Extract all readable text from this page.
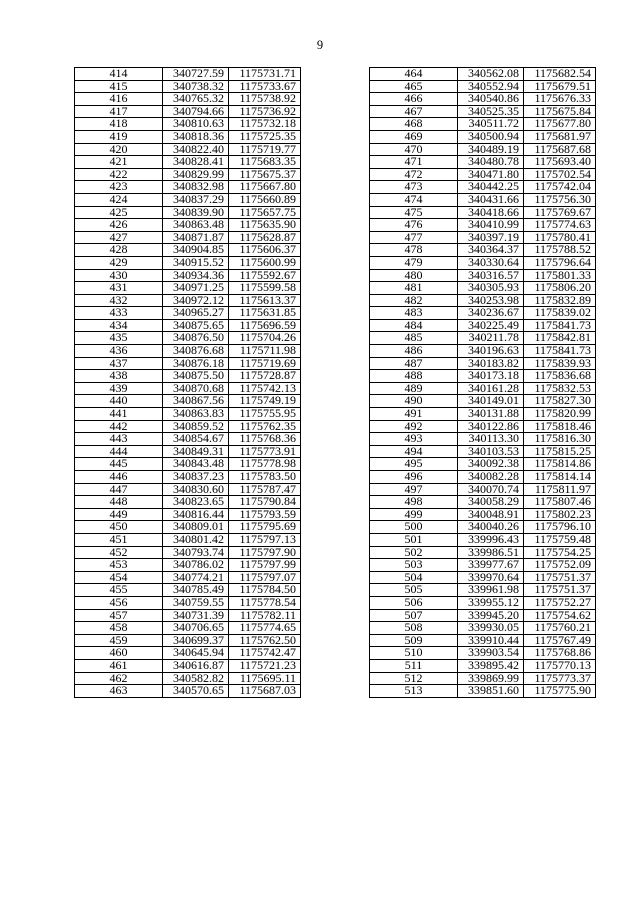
9
414	340727.59	1175731.71
415	340738.32	1175733.67
416	340765.32	1175738.92
417	340794.66	1175736.92
418	340810.63	1175732.18
419	340818.36	1175725.35
420	340822.40	1175719.77
421	340828.41	1175683.35
422	340829.99	1175675.37
423	340832.98	1175667.80
424	340837.29	1175660.89
425	340839.90	1175657.75
426	340863.48	1175635.90
427	340871.87	1175628.87
428	340904.85	1175606.37
429	340915.52	1175600.99
430	340934.36	1175592.67
431	340971.25	1175599.58
432	340972.12	1175613.37
433	340965.27	1175631.85
434	340875.65	1175696.59
435	340876.50	1175704.26
436	340876.68	1175711.98
437	340876.18	1175719.69
438	340875.50	1175728.87
439	340870.68	1175742.13
440	340867.56	1175749.19
441	340863.83	1175755.95
442	340859.52	1175762.35
443	340854.67	1175768.36
444	340849.31	1175773.91
445	340843.48	1175778.98
446	340837.23	1175783.50
447	340830.60	1175787.47
448	340823.65	1175790.84
449	340816.44	1175793.59
450	340809.01	1175795.69
451	340801.42	1175797.13
452	340793.74	1175797.90
453	340786.02	1175797.99
454	340774.21	1175797.07
455	340785.49	1175784.50
456	340759.55	1175778.54
457	340731.39	1175782.11
458	340706.65	1175774.65
459	340699.37	1175762.50
460	340645.94	1175742.47
461	340616.87	1175721.23
462	340582.82	1175695.11
463	340570.65	1175687.03
464	340562.08	1175682.54
465	340552.94	1175679.51
466	340540.86	1175676.33
467	340525.35	1175675.84
468	340511.72	1175677.80
469	340500.94	1175681.97
470	340489.19	1175687.68
471	340480.78	1175693.40
472	340471.80	1175702.54
473	340442.25	1175742.04
474	340431.66	1175756.30
475	340418.66	1175769.67
476	340410.99	1175774.63
477	340397.19	1175780.41
478	340364.37	1175788.52
479	340330.64	1175796.64
480	340316.57	1175801.33
481	340305.93	1175806.20
482	340253.98	1175832.89
483	340236.67	1175839.02
484	340225.49	1175841.73
485	340211.78	1175842.81
486	340196.63	1175841.73
487	340183.82	1175839.93
488	340173.18	1175836.68
489	340161.28	1175832.53
490	340149.01	1175827.30
491	340131.88	1175820.99
492	340122.86	1175818.46
493	340113.30	1175816.30
494	340103.53	1175815.25
495	340092.38	1175814.86
496	340082.28	1175814.14
497	340070.74	1175811.97
498	340058.29	1175807.46
499	340048.91	1175802.23
500	340040.26	1175796.10
501	339996.43	1175759.48
502	339986.51	1175754.25
503	339977.67	1175752.09
504	339970.64	1175751.37
505	339961.98	1175751.37
506	339955.12	1175752.27
507	339945.20	1175754.62
508	339930.05	1175760.21
509	339910.44	1175767.49
510	339903.54	1175768.86
511	339895.42	1175770.13
512	339869.99	1175773.37
513	339851.60	1175775.90
